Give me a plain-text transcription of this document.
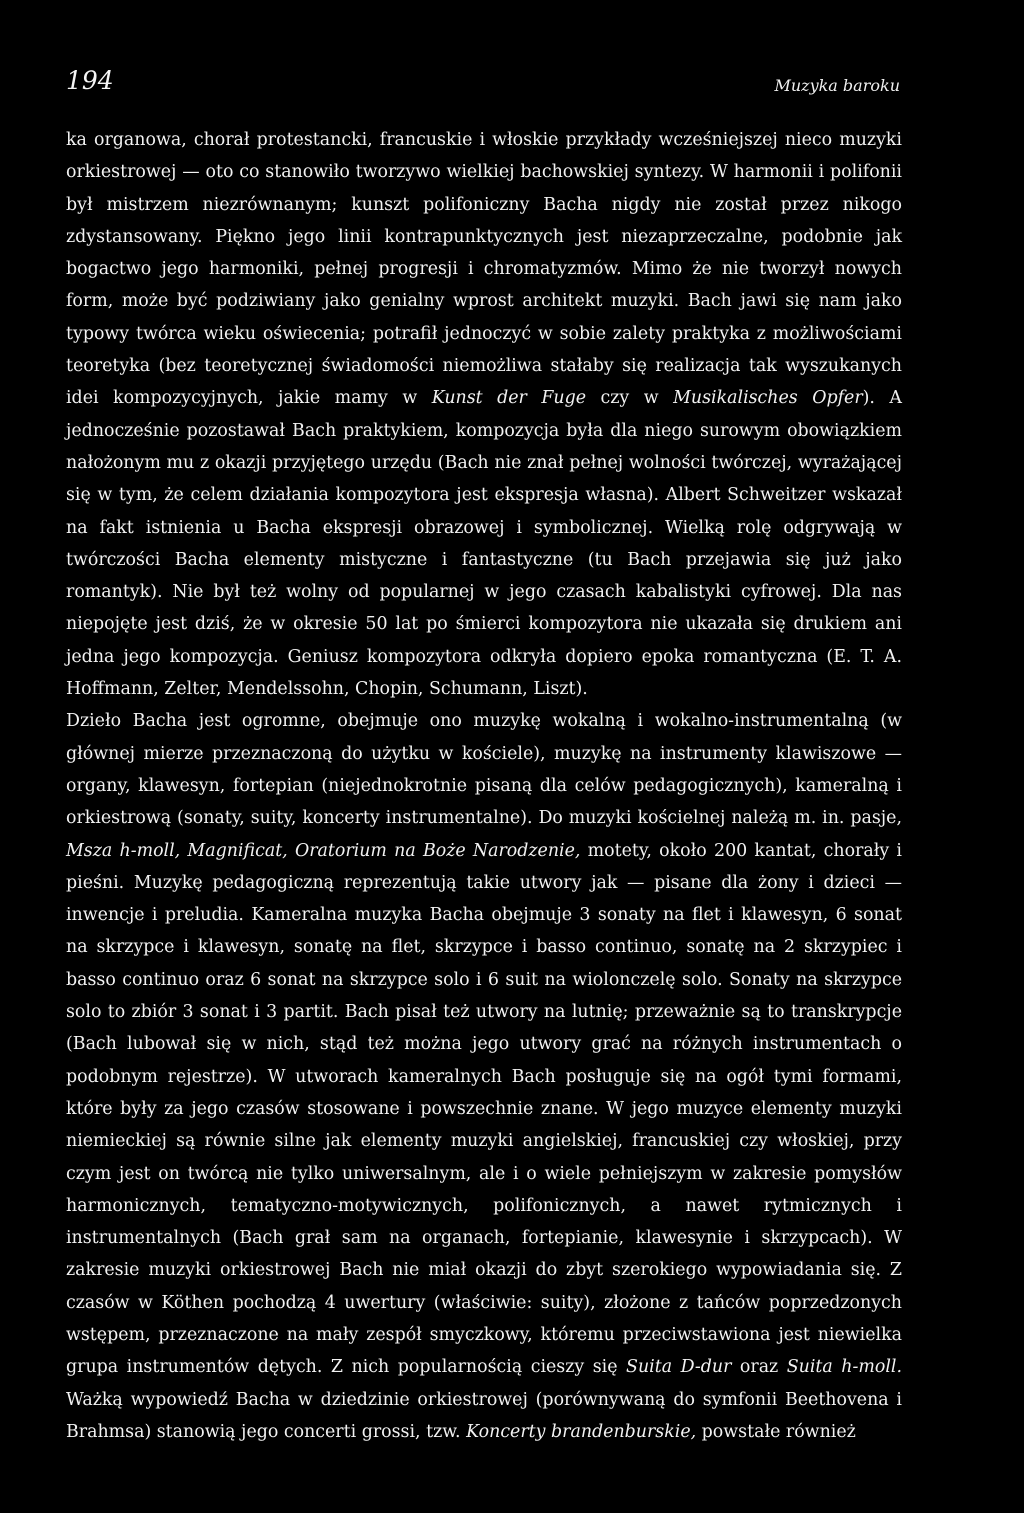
194	Muzyka baroku

ka organowa, chorał protestancki, francuskie i włoskie przykłady wcześniejszej nieco muzyki orkiestrowej — oto co stanowiło tworzywo wielkiej bachowskiej syntezy. W harmonii i polifonii był mistrzem niezrównanym; kunszt polifoniczny Bacha nigdy nie został przez nikogo zdystansowany. Piękno jego linii kontrapunktycznych jest niezaprzeczalne, podobnie jak bogactwo jego harmoniki, pełnej progresji i chromatyzmów. Mimo że nie tworzył nowych form, może być podziwiany jako genialny wprost architekt muzyki. Bach jawi się nam jako typowy twórca wieku oświecenia; potrafił jednoczyć w sobie zalety praktyka z możliwościami teoretyka (bez teoretycznej świadomości niemożliwa stałaby się realizacja tak wyszukanych idei kompozycyjnych, jakie mamy w Kunst der Fuge czy w Musikalisches Opfer). A jednocześnie pozostawał Bach praktykiem, kompozycja była dla niego surowym obowiązkiem nałożonym mu z okazji przyjętego urzędu (Bach nie znał pełnej wolności twórczej, wyrażającej się w tym, że celem działania kompozytora jest ekspresja własna). Albert Schweitzer wskazał na fakt istnienia u Bacha ekspresji obrazowej i symbolicznej. Wielką rolę odgrywają w twórczości Bacha elementy mistyczne i fantastyczne (tu Bach przejawia się już jako romantyk). Nie był też wolny od popularnej w jego czasach kabalistyki cyfrowej. Dla nas niepojęte jest dziś, że w okresie 50 lat po śmierci kompozytora nie ukazała się drukiem ani jedna jego kompozycja. Geniusz kompozytora odkryła dopiero epoka romantyczna (E. T. A. Hoffmann, Zelter, Mendelssohn, Chopin, Schumann, Liszt).

Dzieło Bacha jest ogromne, obejmuje ono muzykę wokalną i wokalno-instrumentalną (w głównej mierze przeznaczoną do użytku w kościele), muzykę na instrumenty klawiszowe — organy, klawesyn, fortepian (niejednokrotnie pisaną dla celów pedagogicznych), kameralną i orkiestrową (sonaty, suity, koncerty instrumentalne). Do muzyki kościelnej należą m. in. pasje, Msza h-moll, Magnificat, Oratorium na Boże Narodzenie, motety, około 200 kantat, chorały i pieśni. Muzykę pedagogiczną reprezentują takie utwory jak — pisane dla żony i dzieci — inwencje i preludia. Kameralna muzyka Bacha obejmuje 3 sonaty na flet i klawesyn, 6 sonat na skrzypce i klawesyn, sonatę na flet, skrzypce i basso continuo, sonatę na 2 skrzypiec i basso continuo oraz 6 sonat na skrzypce solo i 6 suit na wiolonczelę solo. Sonaty na skrzypce solo to zbiór 3 sonat i 3 partit. Bach pisał też utwory na lutnię; przeważnie są to transkrypcje (Bach lubował się w nich, stąd też można jego utwory grać na różnych instrumentach o podobnym rejestrze). W utworach kameralnych Bach posługuje się na ogół tymi formami, które były za jego czasów stosowane i powszechnie znane. W jego muzyce elementy muzyki niemieckiej są równie silne jak elementy muzyki angielskiej, francuskiej czy włoskiej, przy czym jest on twórcą nie tylko uniwersalnym, ale i o wiele pełniejszym w zakresie pomysłów harmonicznych, tematyczno-motywicznych, polifonicznych, a nawet rytmicznych i instrumentalnych (Bach grał sam na organach, fortepianie, klawesynie i skrzypcach). W zakresie muzyki orkiestrowej Bach nie miał okazji do zbyt szerokiego wypowiadania się. Z czasów w Köthen pochodzą 4 uwertury (właściwie: suity), złożone z tańców poprzedzonych wstępem, przeznaczone na mały zespół smyczkowy, któremu przeciwstawiona jest niewielka grupa instrumentów dętych. Z nich popularnością cieszy się Suita D-dur oraz Suita h-moll. Ważką wypowiedź Bacha w dziedzinie orkiestrowej (porównywaną do symfonii Beethovena i Brahmsa) stanowią jego concerti grossi, tzw. Koncerty brandenburskie, powstałe również
